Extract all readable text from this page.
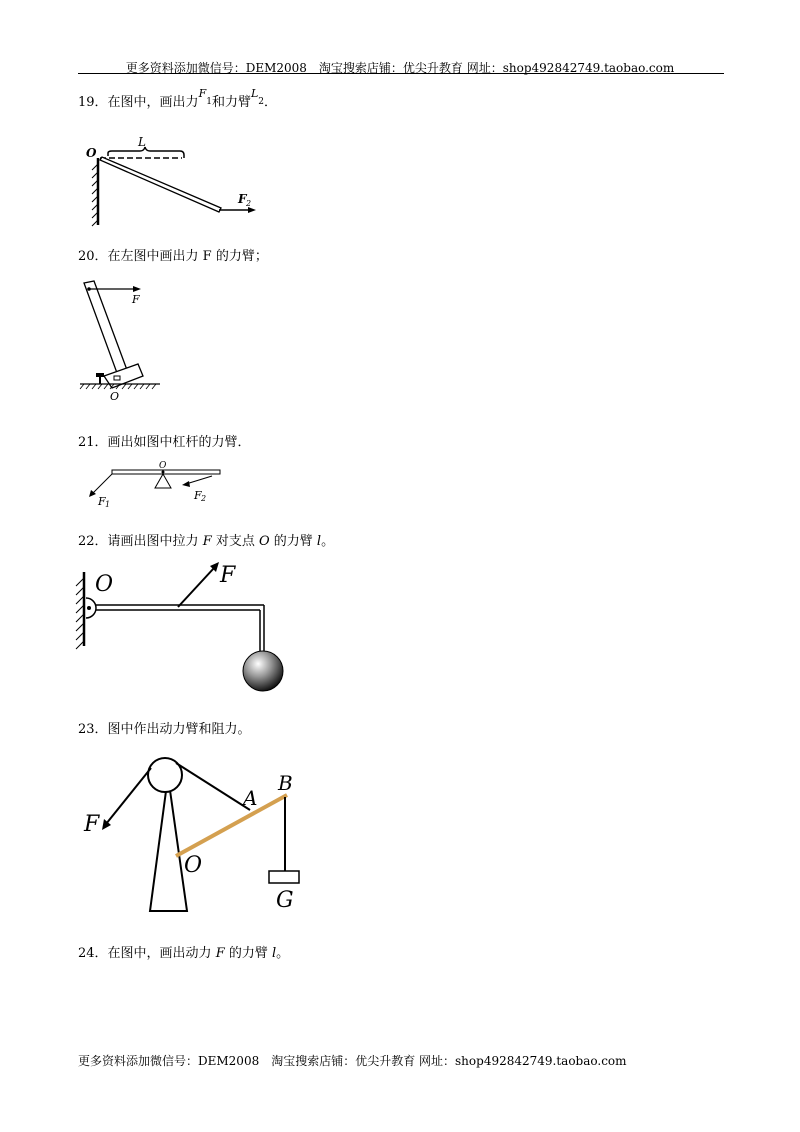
更多资料添加微信号：DEM2008　淘宝搜索店铺：优尖升教育 网址：shop492842749.taobao.com
19．在图中，画出力$^F_1$和力臂$^L_2$．
O
L
F 2
20．在左图中画出力 F 的力臂；
F
O
21．画出如图中杠杆的力臂．
O
F 1
F 2
22．请画出图中拉力 F 对支点 O 的力臂 l。
O	F
23．图中作出动力臂和阻力。
F
A
B
O
G
24．在图中，画出动力 F 的力臂 l。
更多资料添加微信号：DEM2008　淘宝搜索店铺：优尖升教育 网址：shop492842749.taobao.com
